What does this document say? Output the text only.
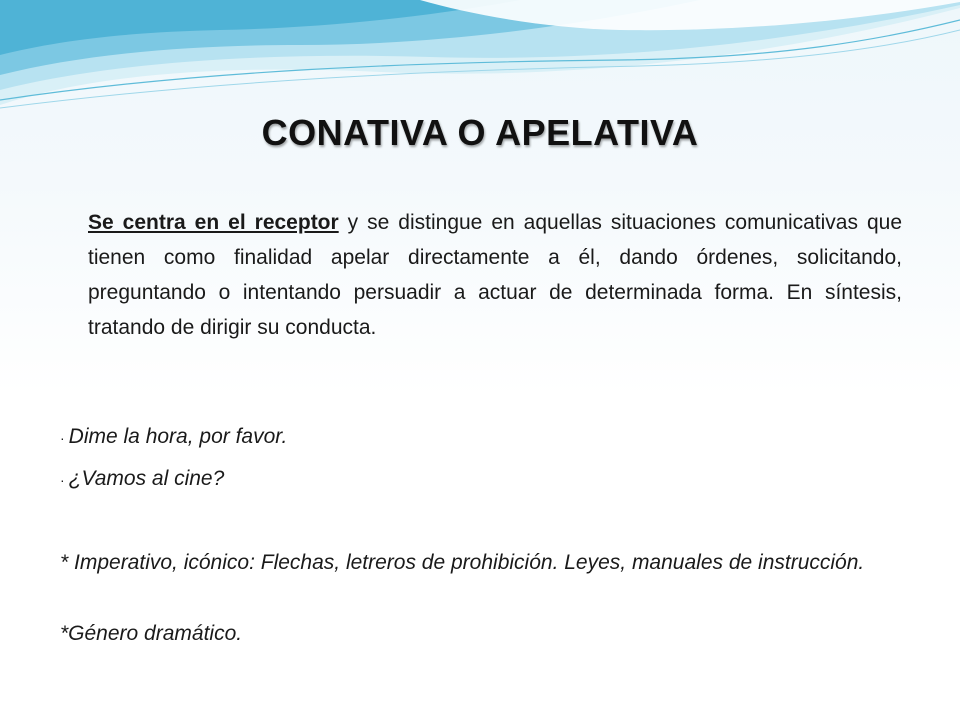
CONATIVA O APELATIVA

Se centra en el receptor y se distingue en aquellas situaciones comunicativas que tienen como finalidad apelar directamente a él, dando órdenes, solicitando, preguntando o intentando persuadir a actuar de determinada forma. En síntesis, tratando de dirigir su conducta.

· Dime la hora, por favor.

· ¿Vamos al cine?

* Imperativo, icónico: Flechas, letreros de prohibición. Leyes, manuales de instrucción.

*Género dramático.
